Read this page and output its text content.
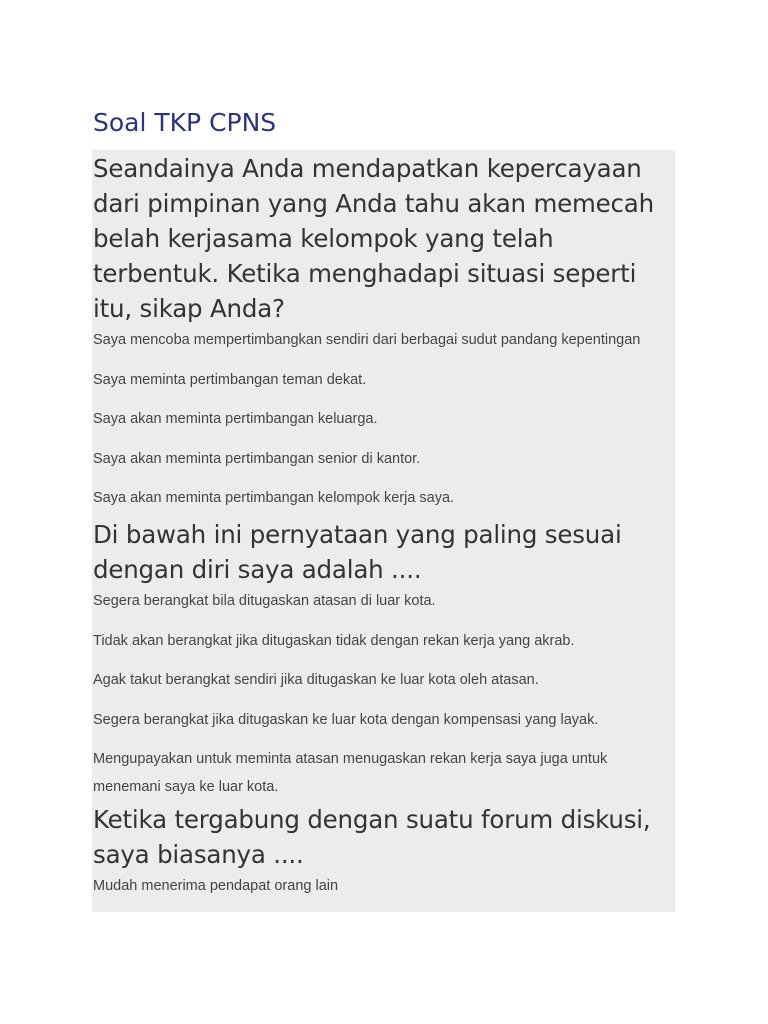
Soal TKP CPNS
Seandainya Anda mendapatkan kepercayaan dari pimpinan yang Anda tahu akan memecah belah kerjasama kelompok yang telah terbentuk. Ketika menghadapi situasi seperti itu, sikap Anda?
Saya mencoba mempertimbangkan sendiri dari berbagai sudut pandang kepentingan
Saya meminta pertimbangan teman dekat.
Saya akan meminta pertimbangan keluarga.
Saya akan meminta pertimbangan senior di kantor.
Saya akan meminta pertimbangan kelompok kerja saya.
Di bawah ini pernyataan yang paling sesuai dengan diri saya adalah ....
Segera berangkat bila ditugaskan atasan di luar kota.
Tidak akan berangkat jika ditugaskan tidak dengan rekan kerja yang akrab.
Agak takut berangkat sendiri jika ditugaskan ke luar kota oleh atasan.
Segera berangkat jika ditugaskan ke luar kota dengan kompensasi yang layak.
Mengupayakan untuk meminta atasan menugaskan rekan kerja saya juga untuk menemani saya ke luar kota.
Ketika tergabung dengan suatu forum diskusi, saya biasanya ....
Mudah menerima pendapat orang lain
